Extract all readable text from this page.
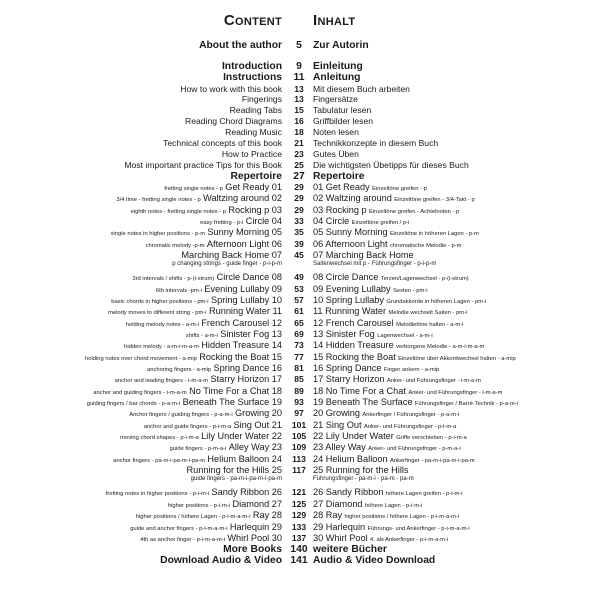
Content Inhalt
About the author	5	Zur Autorin
Introduction	9	Einleitung
Instructions	11 Anleitung
How to work with this book	13	Mit diesem Buch arbeiten
Fingerings	13	Fingersätze
Reading Tabs	15	Tabulatur lesen
Reading Chord Diagrams	16	Griffbilder lesen
Reading Music	18	Noten lesen
Technical concepts of this book	21	Technikkonzepte in diesem Buch
How to Practice	23	Gutes Üben
Most important practice Tips for this Book	25	Die wichtigsten Übetipps für dieses Buch
Repertoire	27 Repertoire
fretting single notes - p Get Ready 01	29	01 Get Ready Einzeltöne greifen - p
3/4 time - fretting single notes - p Waltzing around 02	29	02 Waltzing around Einzeltöne greifen - 3/4-Takt - p
eighth notes - fretting single notes - p Rocking p 03	29	03 Rocking p Einzeltöne greifen - Achtelnoten - p
easy fretting - p-i Circle 04	33	04 Circle Einzeltöne greifen / p-i
single notes in higher positions - p-m Sunny Morning 05	35	05 Sunny Morning Einzeltöne in höheren Lagen - p-m
chromatic melody -p-m Afternoon Light 06	39	06 Afternoon Light chromatische Melodie - p-m
Marching Back Home 07	45	07 Marching Back Home
p changing strings - guide finger - p-i-p-m	Saitenwechsel mit p - Führungsfinger - p-i-p-m
3rd intervals / shifts - p-(i-strum) Circle Dance 08	49	08 Circle Dance Terzen/Lagenwechsel - p-(i-strum)
6th intervals -pm-i Evening Lullaby 09	53	09 Evening Lullaby Sexten - pm-i
basic chords in higher positions - pm-i Spring Lullaby 10	57	10 Spring Lullaby Grundakkorde in höheren Lagen - pm-i
melody moves to different string - pm-i Running Water 11	61	11 Running Water Melodie wechselt Saiten - pm-i
holding melody notes - a-m-i French Carousel 12	65	12 French Carousel Melodietöne halten - a-m-i
shifts - a-m-i Sinister Fog 13	69	13 Sinister Fog Lagenwechsel - a-m-i
hidden melody - a-m-i-m-a-m Hidden Treasure 14	73	14 Hidden Treasure verborgene Melodie - a-m-i-m-a-m
holding notes over chord movement - a-mip Rocking the Boat 15	77	15 Rocking the Boat Einzeltöne über Akkordwechsel halten - a-mip
anchoring fingers - a-mip Spring Dance 16	81	16 Spring Dance Finger ankern - a-mip
anchor and leading fingers - i-m-a-m Starry Horizon 17	85	17 Starry Horizon Anker- und Führungsfinger - i-m-a-m
anchor and guiding fingers - i-m-a-m No Time For a Chat 18	89	18 No Time For a Chat Anker- und Führungsfinger - i-m-a-m
guiding fingers / bar chords - p-a-m-i Beneath The Surface 19	93	19 Beneath The Surface Führungsfinger / Barré-Technik - p-a-m-i
Anchor fingers / guiding fingers - p-a-m-i Growing 20	97	20 Growing Ankerfinger / Führungsfinger - p-a-m-i
anchor and guide fingers - p-i-m-a Sing Out 21	101 21 Sing Out Anker- und Führungsfinger - p-i-m-a
moving chord shapes - p-i-m-a Lily Under Water 22	105 22 Lily Under Water Griffe verschieben - p-i-m-a
guide fingers - p-m-a-i Alley Way 23	109 23 Alley Way Anker- und Führungsfinger - p-m-a-i
anchor fingers - pa-m-i-pa-m-i-pa-m Helium Balloon 24	113 24 Helium Balloon Ankerfinger - pa-m-i-pa-m-i-pa-m
Running for the Hills 25	117 25 Running for the Hills
guide fingers - pa-m-i-pa-m-i-pa-m	Führungsfinger - pa-m-i - pa-m - pa-m
fretting notes in higher positions - p-i-m-i Sandy Ribbon 26	121 26 Sandy Ribbon höhere Lagen greifen - p-i-m-i
higher positions - p-i-m-i Diamond 27	125 27 Diamond höhere Lagen - p-i-m-i
higher positions / höhere Lagen - p-i-m-a-m-i Ray 28	129 28 Ray higher positions / höhere Lagen - p-i-m-a-m-i
guide and anchor fingers - p-i-m-a-m-i Harlequin 29	133 29 Harlequin Führungs- und Ankerfinger - p-i-m-a-m-i
4th as anchor finger - p-i-m-a-m-i Whirl Pool 30	137 30 Whirl Pool 4. als Ankerfinger - p-i-m-a-m-i
More Books 140 weitere Bücher
Download Audio & Video 141 Audio & Video Download
